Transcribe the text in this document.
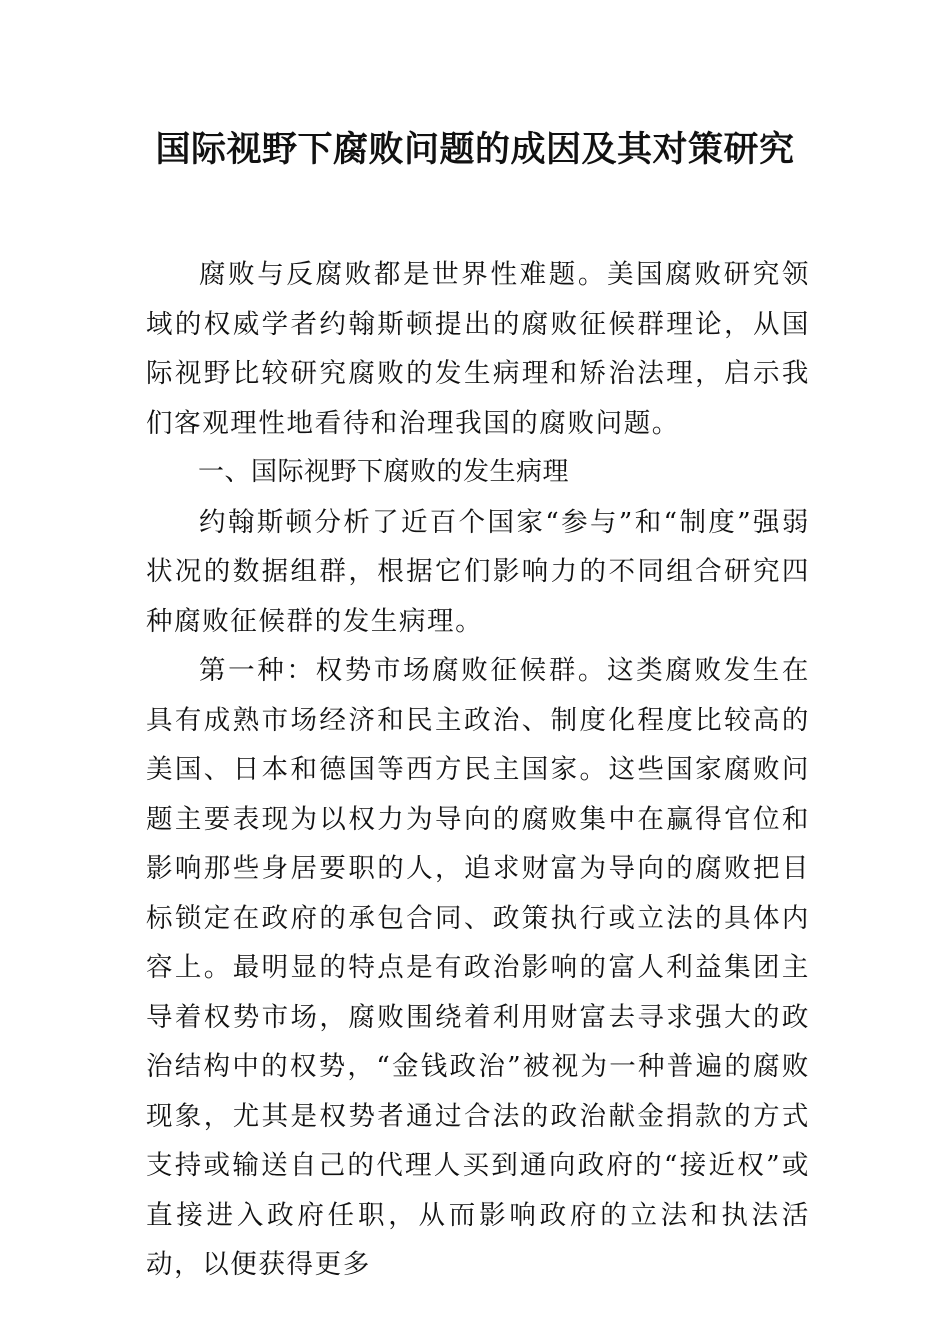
国际视野下腐败问题的成因及其对策研究

腐败与反腐败都是世界性难题。美国腐败研究领域的权威学者约翰斯顿提出的腐败征候群理论，从国际视野比较研究腐败的发生病理和矫治法理，启示我们客观理性地看待和治理我国的腐败问题。

一、国际视野下腐败的发生病理

约翰斯顿分析了近百个国家“参与”和“制度”强弱状况的数据组群，根据它们影响力的不同组合研究四种腐败征候群的发生病理。

第一种：权势市场腐败征候群。这类腐败发生在具有成熟市场经济和民主政治、制度化程度比较高的美国、日本和德国等西方民主国家。这些国家腐败问题主要表现为以权力为导向的腐败集中在赢得官位和影响那些身居要职的人，追求财富为导向的腐败把目标锁定在政府的承包合同、政策执行或立法的具体内容上。最明显的特点是有政治影响的富人利益集团主导着权势市场，腐败围绕着利用财富去寻求强大的政治结构中的权势，“金钱政治”被视为一种普遍的腐败现象，尤其是权势者通过合法的政治献金捐款的方式支持或输送自己的代理人买到通向政府的“接近权”或直接进入政府任职，从而影响政府的立法和执法活动，以便获得更多
